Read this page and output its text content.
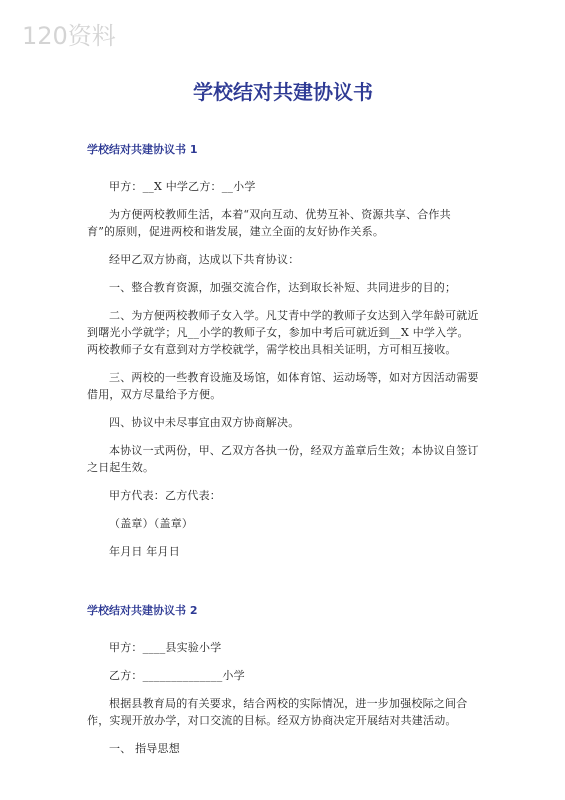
120资料
学校结对共建协议书
学校结对共建协议书 1

甲方：__X 中学乙方：__小学

为方便两校教师生活，本着“双向互动、优势互补、资源共享、合作共育”的原则，促进两校和谐发展，建立全面的友好协作关系。

经甲乙双方协商，达成以下共育协议：

一、整合教育资源，加强交流合作，达到取长补短、共同进步的目的；

二、为方便两校教师子女入学。凡艾青中学的教师子女达到入学年龄可就近到曙光小学就学；凡__小学的教师子女，参加中考后可就近到__X 中学入学。两校教师子女有意到对方学校就学，需学校出具相关证明，方可相互接收。

三、两校的一些教育设施及场馆，如体育馆、运动场等，如对方因活动需要借用，双方尽量给予方便。

四、协议中未尽事宜由双方协商解决。

本协议一式两份，甲、乙双方各执一份，经双方盖章后生效；本协议自签订之日起生效。

甲方代表：乙方代表：

（盖章）（盖章）

年月日 年月日

学校结对共建协议书 2

甲方：____县实验小学

乙方：______________小学

根据县教育局的有关要求，结合两校的实际情况，进一步加强校际之间合作，实现开放办学，对口交流的目标。经双方协商决定开展结对共建活动。

一、 指导思想
